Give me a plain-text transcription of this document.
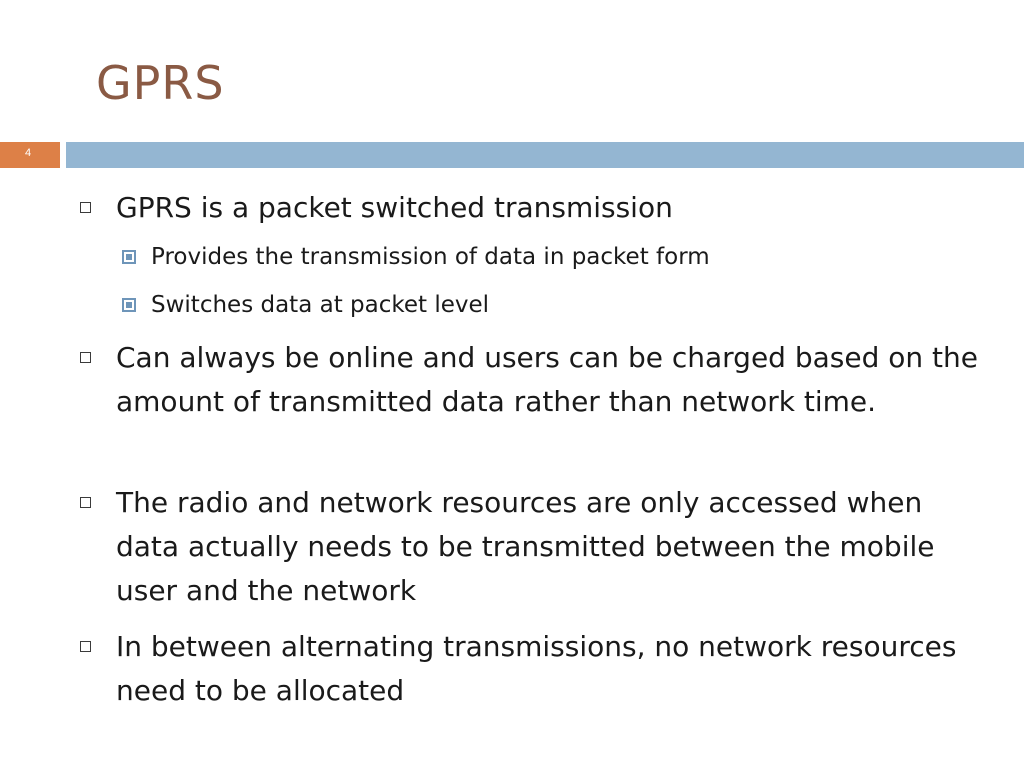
GPRS
4
GPRS is a packet switched transmission
Provides the transmission of data in packet form
Switches data at packet level
Can always be online and users can be charged based on the amount of transmitted data rather than network time.
The radio and network resources are only accessed when data actually needs to be transmitted between the mobile user and the network
In between alternating transmissions, no network resources need to be allocated
